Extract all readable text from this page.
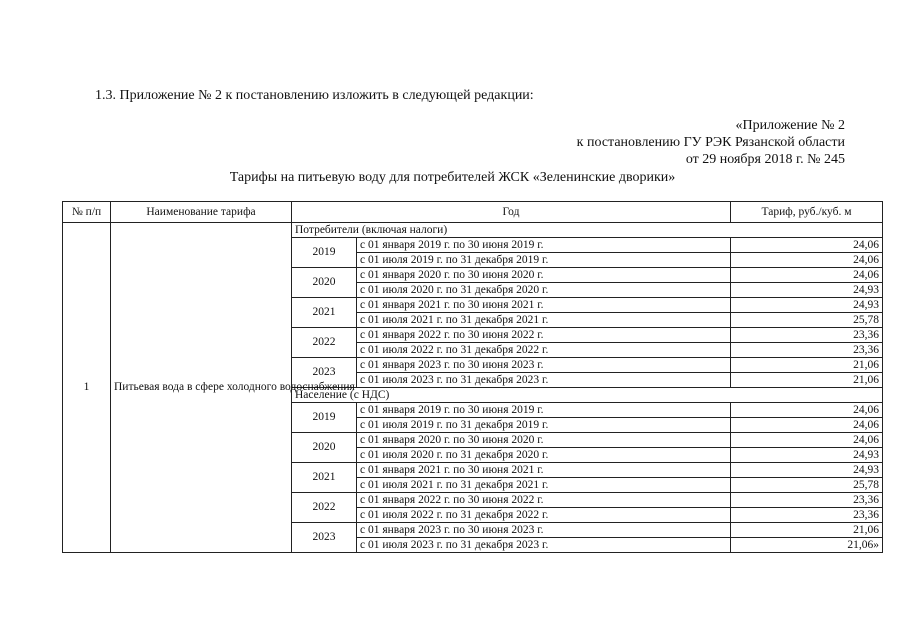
1.3. Приложение № 2 к постановлению изложить в следующей редакции:
«Приложение № 2
к постановлению ГУ РЭК Рязанской области
от 29 ноября 2018 г. № 245
Тарифы на питьевую воду для потребителей ЖСК «Зеленинские дворики»
№ п/п	Наименование тарифа	Год		Тариф, руб./куб. м
1	Питьевая вода в сфере холодного водоснабжения	Потребители (включая налоги)		
		2019	с 01 января 2019 г. по 30 июня 2019 г.	24,06
			с 01 июля 2019 г. по 31 декабря 2019 г.	24,06
		2020	с 01 января 2020 г. по 30 июня 2020 г.	24,06
			с 01 июля 2020 г. по 31 декабря 2020 г.	24,93
		2021	с 01 января 2021 г. по 30 июня 2021 г.	24,93
			с 01 июля 2021 г. по 31 декабря 2021 г.	25,78
		2022	с 01 января 2022 г. по 30 июня 2022 г.	23,36
			с 01 июля 2022 г. по 31 декабря 2022 г.	23,36
		2023	с 01 января 2023 г. по 30 июня 2023 г.	21,06
			с 01 июля 2023 г. по 31 декабря 2023 г.	21,06
		Население (с НДС)		
		2019	с 01 января 2019 г. по 30 июня 2019 г.	24,06
			с 01 июля 2019 г. по 31 декабря 2019 г.	24,06
		2020	с 01 января 2020 г. по 30 июня 2020 г.	24,06
			с 01 июля 2020 г. по 31 декабря 2020 г.	24,93
		2021	с 01 января 2021 г. по 30 июня 2021 г.	24,93
			с 01 июля 2021 г. по 31 декабря 2021 г.	25,78
		2022	с 01 января 2022 г. по 30 июня 2022 г.	23,36
			с 01 июля 2022 г. по 31 декабря 2022 г.	23,36
		2023	с 01 января 2023 г. по 30 июня 2023 г.	21,06
			с 01 июля 2023 г. по 31 декабря 2023 г.	21,06»
